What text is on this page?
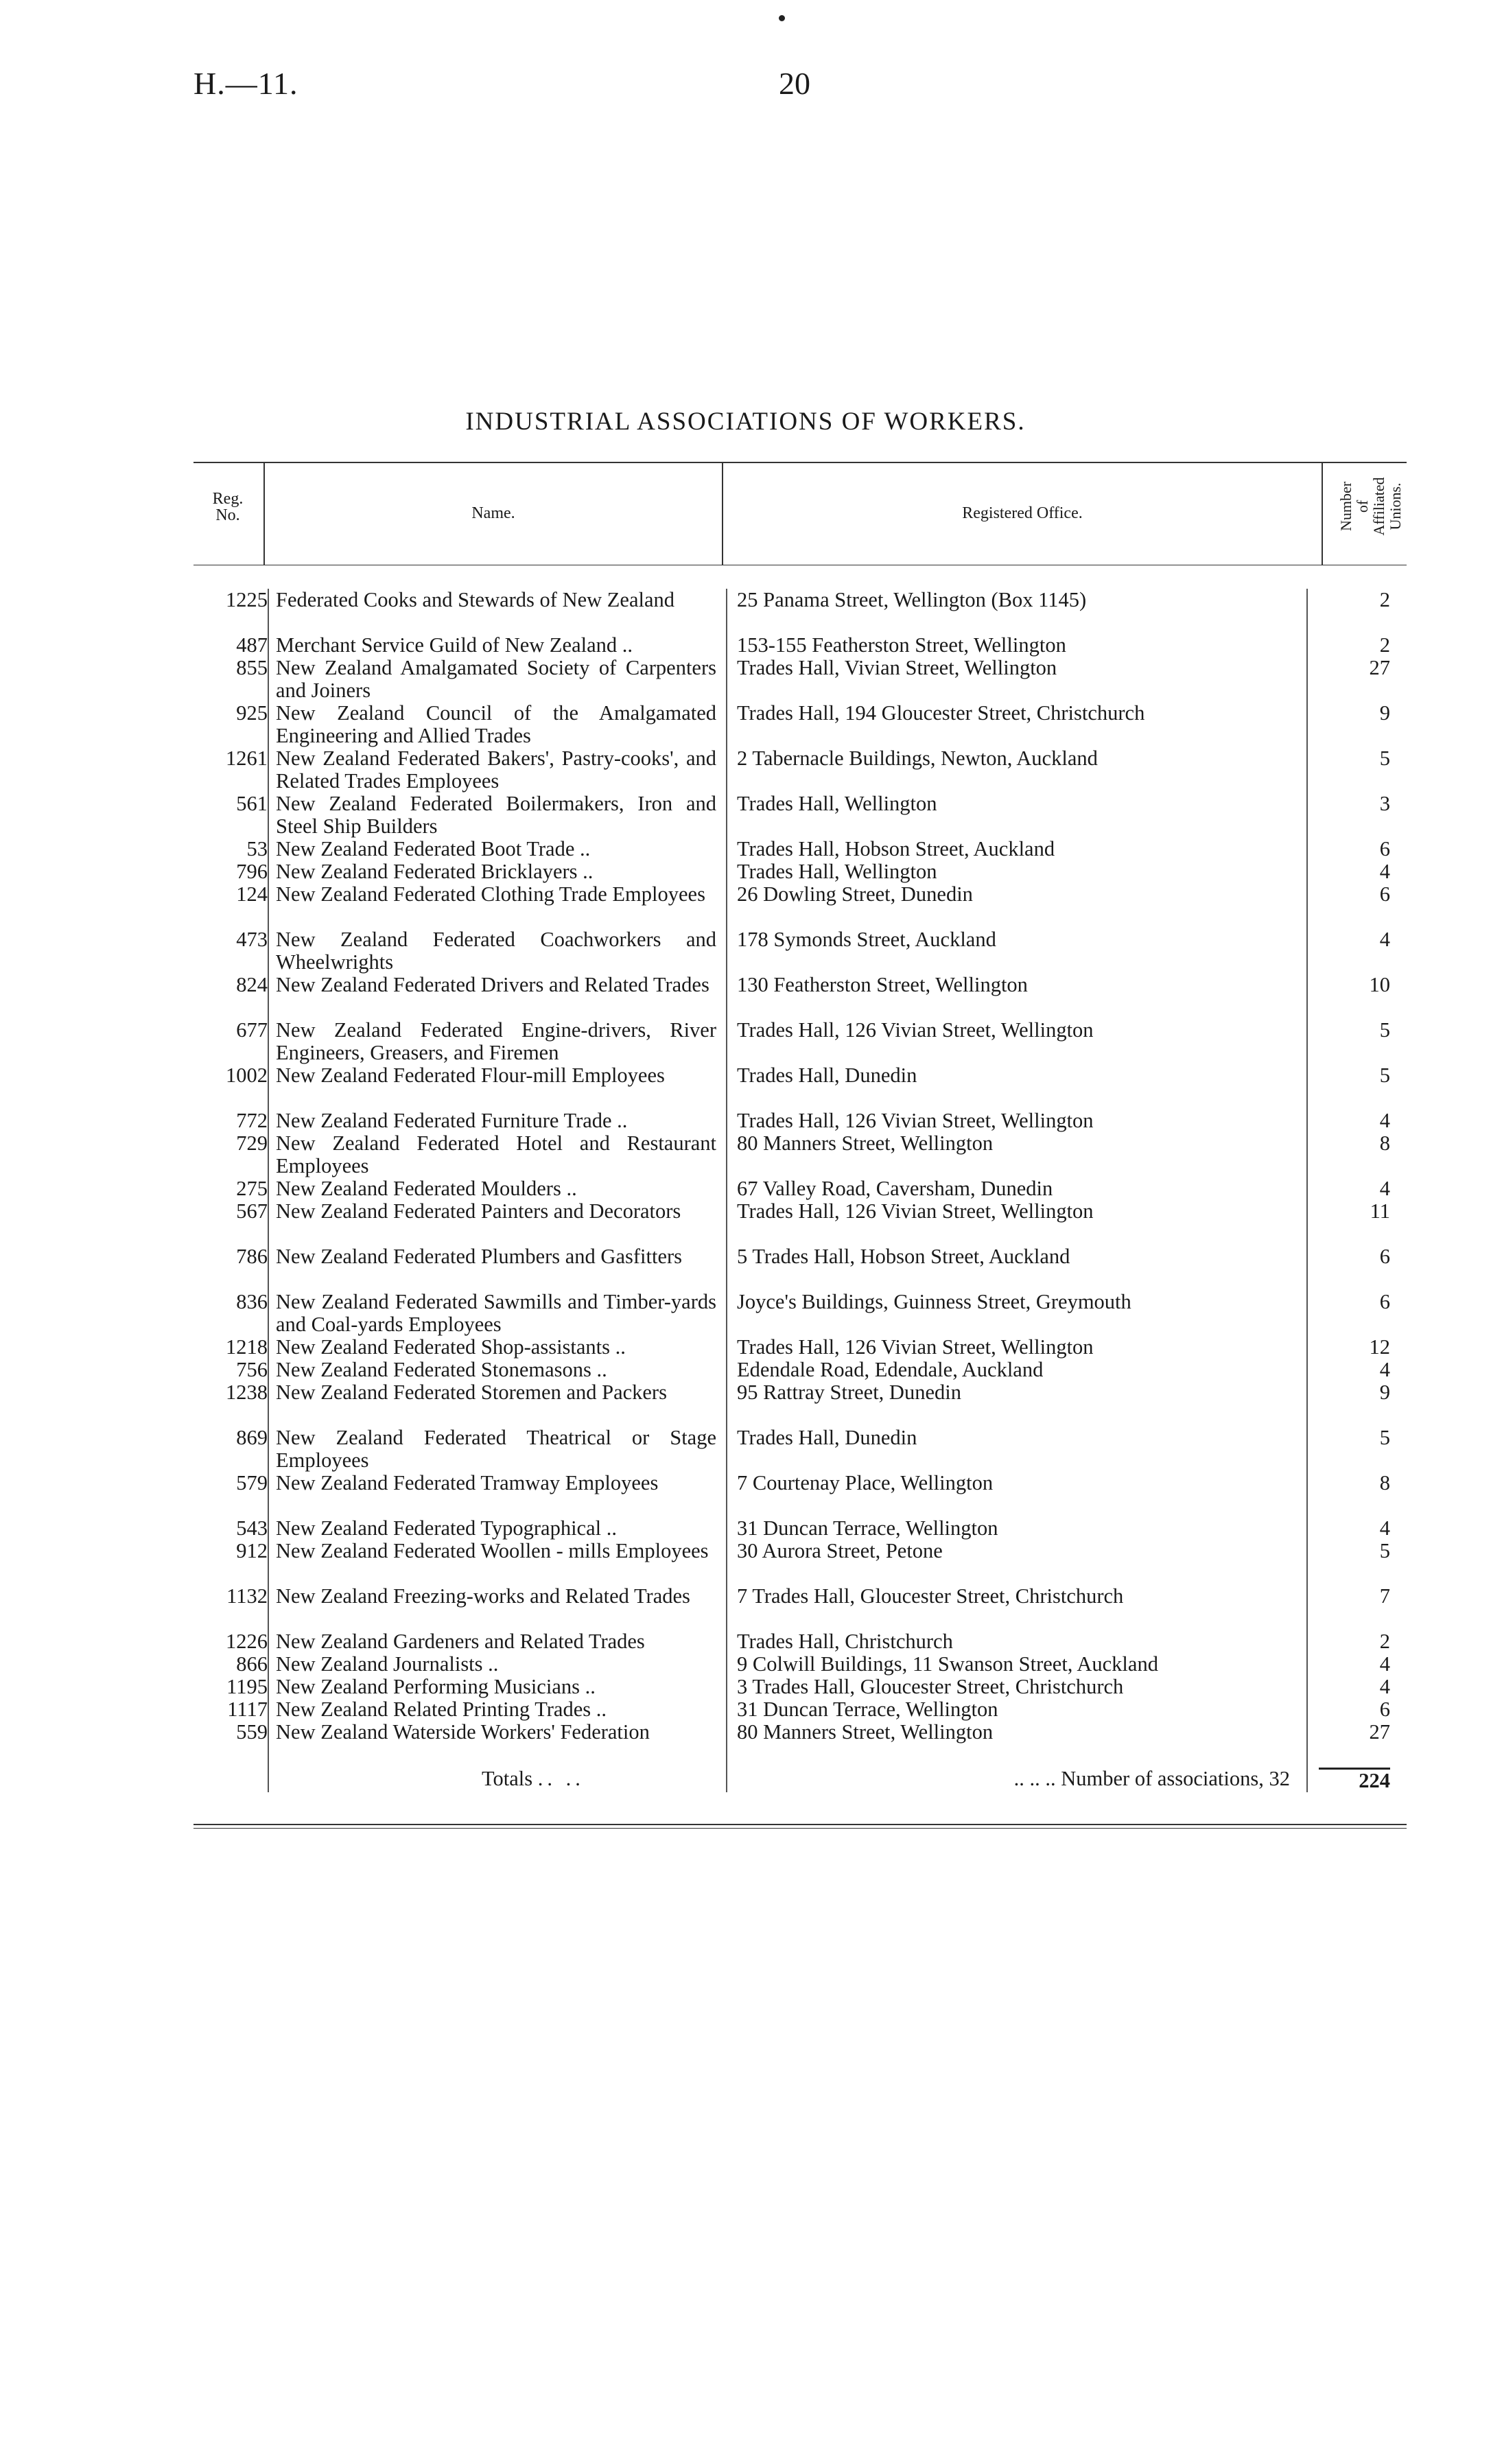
H.—11.	20
INDUSTRIAL ASSOCIATIONS OF WORKERS.
Reg.
No.	Name.	Registered Office.	Number of
Affiliated
Unions.
1225	Federated Cooks and Stewards of New Zealand	25 Panama Street, Wellington (Box 1145)	2
487	Merchant Service Guild of New Zealand ..	153-155 Featherston Street, Wellington	2
855	New Zealand Amalgamated Society of Carpenters and Joiners	Trades Hall, Vivian Street, Wellington	27
925	New Zealand Council of the Amalgamated Engineering and Allied Trades	Trades Hall, 194 Gloucester Street, Christchurch	9
1261	New Zealand Federated Bakers', Pastry-cooks', and Related Trades Employees	2 Tabernacle Buildings, Newton, Auckland	5
561	New Zealand Federated Boilermakers, Iron and Steel Ship Builders	Trades Hall, Wellington	3
53	New Zealand Federated Boot Trade ..	Trades Hall, Hobson Street, Auckland	6
796	New Zealand Federated Bricklayers ..	Trades Hall, Wellington	4
124	New Zealand Federated Clothing Trade Employees	26 Dowling Street, Dunedin	6
473	New Zealand Federated Coachworkers and Wheelwrights	178 Symonds Street, Auckland	4
824	New Zealand Federated Drivers and Related Trades	130 Featherston Street, Wellington	10
677	New Zealand Federated Engine-drivers, River Engineers, Greasers, and Firemen	Trades Hall, 126 Vivian Street, Wellington	5
1002	New Zealand Federated Flour-mill Employees	Trades Hall, Dunedin	5
772	New Zealand Federated Furniture Trade ..	Trades Hall, 126 Vivian Street, Wellington	4
729	New Zealand Federated Hotel and Restaurant Employees	80 Manners Street, Wellington	8
275	New Zealand Federated Moulders ..	67 Valley Road, Caversham, Dunedin	4
567	New Zealand Federated Painters and Decorators	Trades Hall, 126 Vivian Street, Wellington	11
786	New Zealand Federated Plumbers and Gasfitters	5 Trades Hall, Hobson Street, Auckland	6
836	New Zealand Federated Sawmills and Timber-yards and Coal-yards Employees	Joyce's Buildings, Guinness Street, Greymouth	6
1218	New Zealand Federated Shop-assistants ..	Trades Hall, 126 Vivian Street, Wellington	12
756	New Zealand Federated Stonemasons ..	Edendale Road, Edendale, Auckland	4
1238	New Zealand Federated Storemen and Packers	95 Rattray Street, Dunedin	9
869	New Zealand Federated Theatrical or Stage Employees	Trades Hall, Dunedin	5
579	New Zealand Federated Tramway Employees	7 Courtenay Place, Wellington	8
543	New Zealand Federated Typographical ..	31 Duncan Terrace, Wellington	4
912	New Zealand Federated Woollen - mills Employees	30 Aurora Street, Petone	5
1132	New Zealand Freezing-works and Related Trades	7 Trades Hall, Gloucester Street, Christchurch	7
1226	New Zealand Gardeners and Related Trades	Trades Hall, Christchurch	2
866	New Zealand Journalists ..	9 Colwill Buildings, 11 Swanson Street, Auckland	4
1195	New Zealand Performing Musicians ..	3 Trades Hall, Gloucester Street, Christchurch	4
1117	New Zealand Related Printing Trades ..	31 Duncan Terrace, Wellington	6
559	New Zealand Waterside Workers' Federation	80 Manners Street, Wellington	27
	Totals .. ..	.. .. .. Number of associations, 32	224
